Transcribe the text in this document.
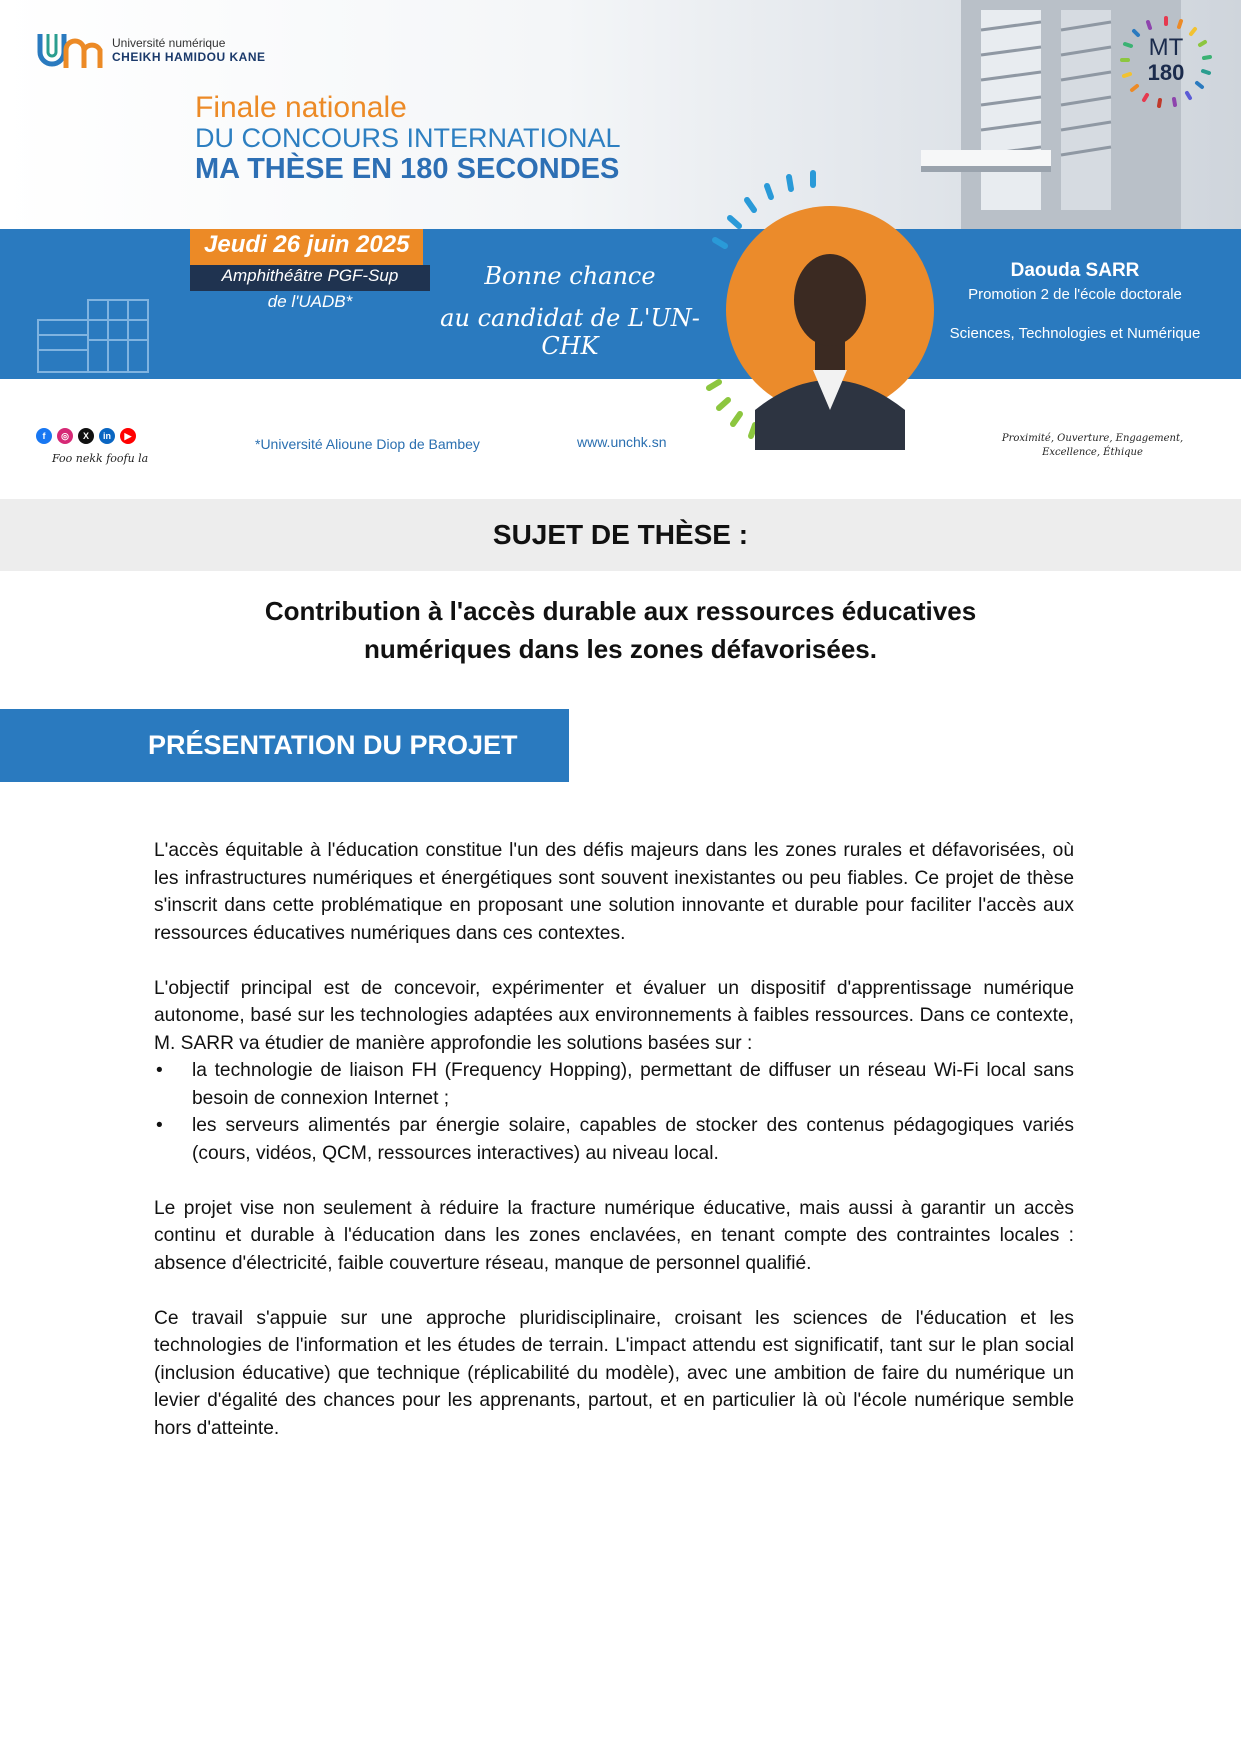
Université numérique
CHEIKH HAMIDOU KANE	MT
180
Finale nationale
DU CONCOURS INTERNATIONAL
MA THÈSE EN 180 SECONDES
Jeudi 26 juin 2025
Amphithéâtre PGF-Sup
de l'UADB*
Bonne chance
au candidat de L'UN-CHK
Daouda SARR
Promotion 2 de l'école doctorale
Sciences, Technologies et Numérique
f	◎	X	in	▶
Foo nekk foofu la
*Université Alioune Diop de Bambey	www.unchk.sn	Proximité, Ouverture, Engagement,
Excellence, Éthique
SUJET DE THÈSE :
Contribution à l'accès durable aux ressources éducatives
numériques dans les zones défavorisées.
PRÉSENTATION DU PROJET

L'accès équitable à l'éducation constitue l'un des défis majeurs dans les zones rurales et défavorisées, où les infrastructures numériques et énergétiques sont souvent inexistantes ou peu fiables. Ce projet de thèse s'inscrit dans cette problématique en proposant une solution innovante et durable pour faciliter l'accès aux ressources éducatives numériques dans ces contextes.

L'objectif principal est de concevoir, expérimenter et évaluer un dispositif d'apprentissage numérique autonome, basé sur les technologies adaptées aux environnements à faibles ressources. Dans ce contexte, M. SARR va étudier de manière approfondie les solutions basées sur :

• la technologie de liaison FH (Frequency Hopping), permettant de diffuser un réseau Wi-Fi local sans besoin de connexion Internet ;
• les serveurs alimentés par énergie solaire, capables de stocker des contenus pédagogiques variés (cours, vidéos, QCM, ressources interactives) au niveau local.

Le projet vise non seulement à réduire la fracture numérique éducative, mais aussi à garantir un accès continu et durable à l'éducation dans les zones enclavées, en tenant compte des contraintes locales : absence d'électricité, faible couverture réseau, manque de personnel qualifié.

Ce travail s'appuie sur une approche pluridisciplinaire, croisant les sciences de l'éducation et les technologies de l'information et les études de terrain. L'impact attendu est significatif, tant sur le plan social (inclusion éducative) que technique (réplicabilité du modèle), avec une ambition de faire du numérique un levier d'égalité des chances pour les apprenants, partout, et en particulier là où l'école numérique semble hors d'atteinte.
